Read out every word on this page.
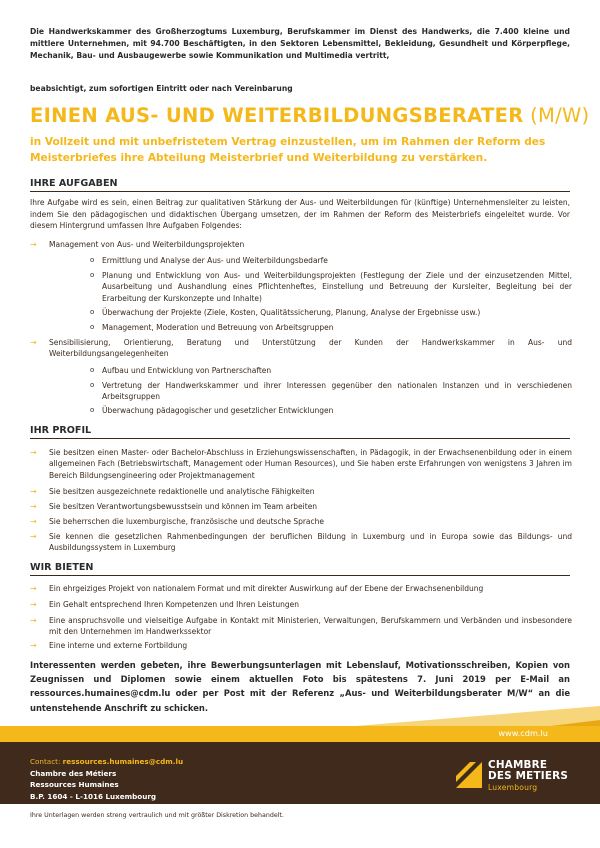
Die Handwerkskammer des Großherzogtums Luxemburg, Berufskammer im Dienst des Handwerks, die 7.400 kleine und mittlere Unternehmen, mit 94.700 Beschäftigten, in den Sektoren Lebensmittel, Bekleidung, Gesundheit und Körperpflege, Mechanik, Bau- und Ausbaugewerbe sowie Kommunikation und Multimedia vertritt,
beabsichtigt, zum sofortigen Eintritt oder nach Vereinbarung
EINEN AUS- UND WEITERBILDUNGSBERATER (M/W)
in Vollzeit und mit unbefristetem Vertrag einzustellen, um im Rahmen der Reform des Meisterbriefes ihre Abteilung Meisterbrief und Weiterbildung zu verstärken.
IHRE AUFGABEN
Ihre Aufgabe wird es sein, einen Beitrag zur qualitativen Stärkung der Aus- und Weiterbildungen für (künftige) Unternehmensleiter zu leisten, indem Sie den pädagogischen und didaktischen Übergang umsetzen, der im Rahmen der Reform des Meisterbriefs eingeleitet wurde. Vor diesem Hintergrund umfassen Ihre Aufgaben Folgendes:
→ Management von Aus- und Weiterbildungsprojekten
o Ermittlung und Analyse der Aus- und Weiterbildungsbedarfe
o Planung und Entwicklung von Aus- und Weiterbildungsprojekten (Festlegung der Ziele und der einzusetzenden Mittel, Ausarbeitung und Aushandlung eines Pflichtenheftes, Einstellung und Betreuung der Kursleiter, Begleitung bei der Erarbeitung der Kurskonzepte und Inhalte)
o Überwachung der Projekte (Ziele, Kosten, Qualitätssicherung, Planung, Analyse der Ergebnisse usw.)
o Management, Moderation und Betreuung von Arbeitsgruppen
→ Sensibilisierung, Orientierung, Beratung und Unterstützung der Kunden der Handwerkskammer in Aus- und Weiterbildungsangelegenheiten
o Aufbau und Entwicklung von Partnerschaften
o Vertretung der Handwerkskammer und ihrer Interessen gegenüber den nationalen Instanzen und in verschiedenen Arbeitsgruppen
o Überwachung pädagogischer und gesetzlicher Entwicklungen
IHR PROFIL
→ Sie besitzen einen Master- oder Bachelor-Abschluss in Erziehungswissenschaften, in Pädagogik, in der Erwachsenenbildung oder in einem allgemeinen Fach (Betriebswirtschaft, Management oder Human Resources), und Sie haben erste Erfahrungen von wenigstens 3 Jahren im Bereich Bildungsengineering oder Projektmanagement
→ Sie besitzen ausgezeichnete redaktionelle und analytische Fähigkeiten
→ Sie besitzen Verantwortungsbewusstsein und können im Team arbeiten
→ Sie beherrschen die luxemburgische, französische und deutsche Sprache
→ Sie kennen die gesetzlichen Rahmenbedingungen der beruflichen Bildung in Luxemburg und in Europa sowie das Bildungs- und Ausbildungssystem in Luxemburg
WIR BIETEN
→ Ein ehrgeiziges Projekt von nationalem Format und mit direkter Auswirkung auf der Ebene der Erwachsenenbildung
→ Ein Gehalt entsprechend Ihren Kompetenzen und Ihren Leistungen
→ Eine anspruchsvolle und vielseitige Aufgabe in Kontakt mit Ministerien, Verwaltungen, Berufskammern und Verbänden und insbesondere mit den Unternehmen im Handwerkssektor
→ Eine interne und externe Fortbildung
Interessenten werden gebeten, ihre Bewerbungsunterlagen mit Lebenslauf, Motivationsschreiben, Kopien von Zeugnissen und Diplomen sowie einem aktuellen Foto bis spätestens 7. Juni 2019 per E-Mail an ressources.humaines@cdm.lu oder per Post mit der Referenz „Aus- und Weiterbildungsberater M/W“ an die untenstehende Anschrift zu schicken.
www.cdm.lu
Contact: ressources.humaines@cdm.lu
Chambre des Métiers
Ressources Humaines
B.P. 1604 - L-1016 Luxembourg
CHAMBRE
DES METIERS
Luxembourg
Ihre Unterlagen werden streng vertraulich und mit größter Diskretion behandelt.
